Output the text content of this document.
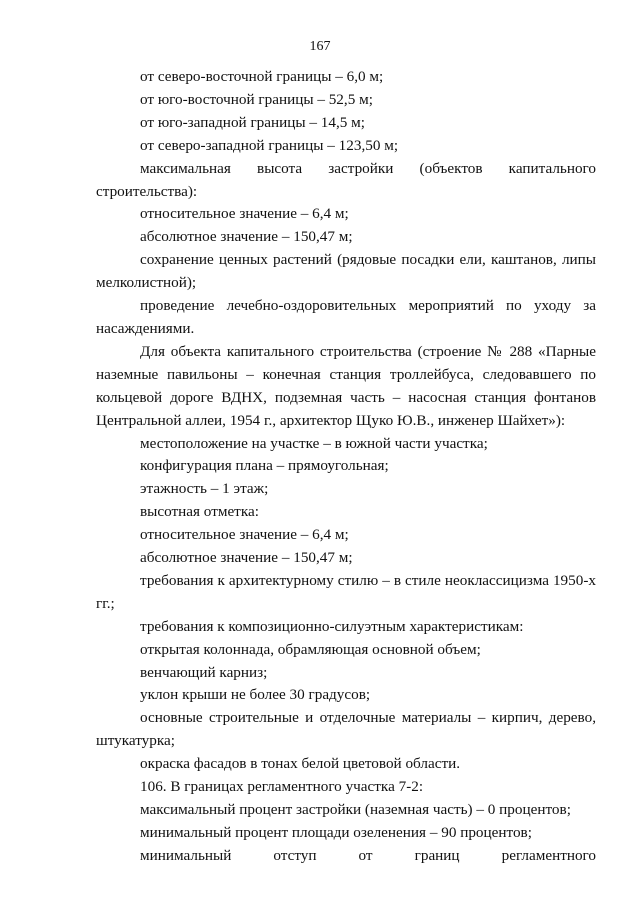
167

от северо-восточной границы – 6,0 м;

от юго-восточной границы – 52,5 м;

от юго-западной границы – 14,5 м;

от северо-западной границы – 123,50 м;

максимальная высота застройки (объектов капитального строительства):

относительное значение – 6,4 м;

абсолютное значение – 150,47 м;

сохранение ценных растений (рядовые посадки ели, каштанов, липы мелколистной);

проведение лечебно-оздоровительных мероприятий по уходу за насаждениями.

Для объекта капитального строительства (строение № 288 «Парные наземные павильоны – конечная станция троллейбуса, следовавшего по кольцевой дороге ВДНХ, подземная часть – насосная станция фонтанов Центральной аллеи, 1954 г., архитектор Щуко Ю.В., инженер Шайхет»):

местоположение на участке – в южной части участка;

конфигурация плана – прямоугольная;

этажность – 1 этаж;

высотная отметка:

относительное значение – 6,4 м;

абсолютное значение – 150,47 м;

требования к архитектурному стилю – в стиле неоклассицизма 1950-х гг.;

требования к композиционно-силуэтным характеристикам:

открытая колоннада, обрамляющая основной объем;

венчающий карниз;

уклон крыши не более 30 градусов;

основные строительные и отделочные материалы – кирпич, дерево, штукатурка;

окраска фасадов в тонах белой цветовой области.

106. В границах регламентного участка 7-2:

максимальный процент застройки (наземная часть) – 0 процентов;

минимальный процент площади озеленения – 90 процентов;

минимальный отступ от границ регламентного
